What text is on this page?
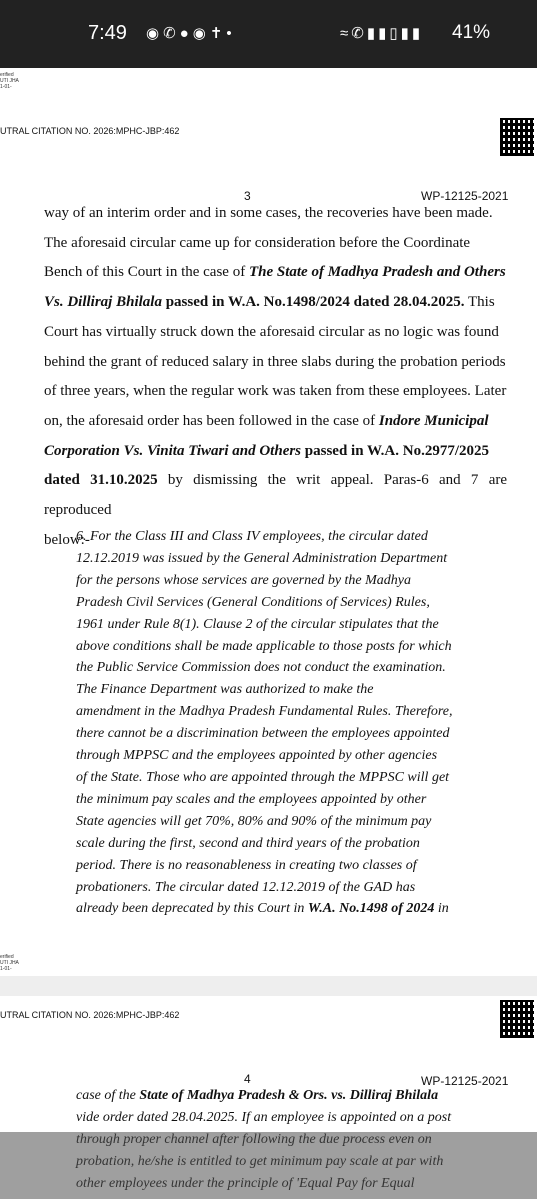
7:49 ◉✆●◉✝•	≈✆▮▮▯▮▮ 41%
erified
UTI JHA
1-01-
UTRAL CITATION NO. 2026:MPHC-JBP:462
3	WP-12125-2021
way of an interim order and in some cases, the recoveries have been made.
The aforesaid circular came up for consideration before the Coordinate
Bench of this Court in the case of The State of Madhya Pradesh and Others
Vs. Dilliraj Bhilala passed in W.A. No.1498/2024 dated 28.04.2025. This
Court has virtually struck down the aforesaid circular as no logic was found
behind the grant of reduced salary in three slabs during the probation periods
of three years, when the regular work was taken from these employees. Later
on, the aforesaid order has been followed in the case of Indore Municipal
Corporation Vs. Vinita Tiwari and Others passed in W.A. No.2977/2025
dated 31.10.2025 by dismissing the writ appeal. Paras-6 and 7 are reproduced
below:-
6. For the Class III and Class IV employees, the circular dated
12.12.2019 was issued by the General Administration Department
for the persons whose services are governed by the Madhya
Pradesh Civil Services (General Conditions of Services) Rules,
1961 under Rule 8(1). Clause 2 of the circular stipulates that the
above conditions shall be made applicable to those posts for which
the Public Service Commission does not conduct the examination.
The Finance Department was authorized to make the
amendment in the Madhya Pradesh Fundamental Rules. Therefore,
there cannot be a discrimination between the employees appointed
through MPPSC and the employees appointed by other agencies
of the State. Those who are appointed through the MPPSC will get
the minimum pay scales and the employees appointed by other
State agencies will get 70%, 80% and 90% of the minimum pay
scale during the first, second and third years of the probation
period. There is no reasonableness in creating two classes of
probationers. The circular dated 12.12.2019 of the GAD has
already been deprecated by this Court in W.A. No.1498 of 2024 in
erified
UTI JHA
1-01-
UTRAL CITATION NO. 2026:MPHC-JBP:462
4	WP-12125-2021
case of the State of Madhya Pradesh & Ors. vs. Dilliraj Bhilala
vide order dated 28.04.2025. If an employee is appointed on a post
